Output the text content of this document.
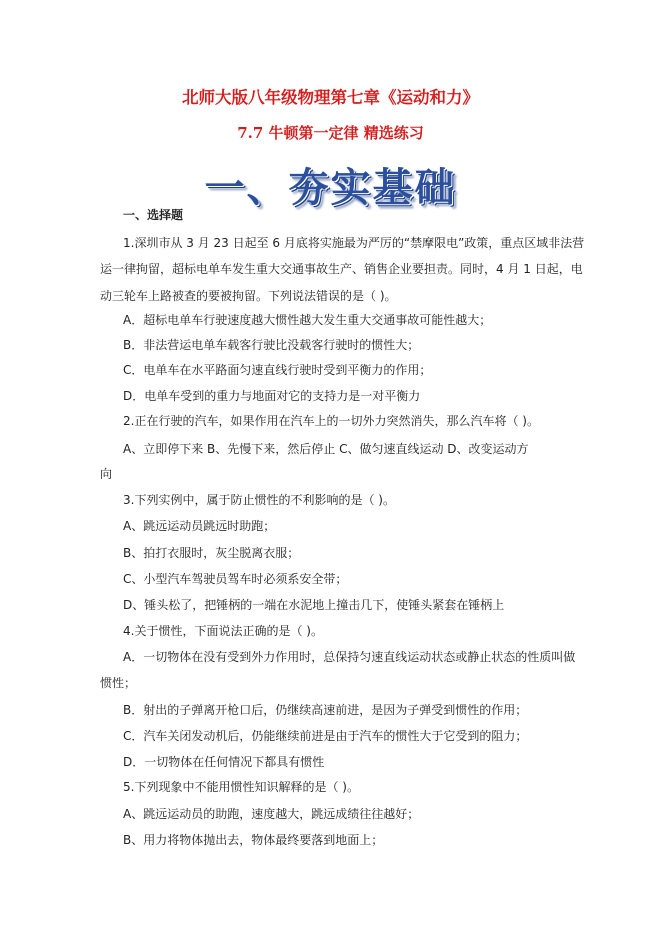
北师大版八年级物理第七章《运动和力》
7.7 牛顿第一定律 精选练习
一、夯实基础
一、选择题
1.深圳市从 3 月 23 日起至 6 月底将实施最为严厉的“禁摩限电”政策，重点区域非法营
运一律拘留，超标电单车发生重大交通事故生产、销售企业要担责。同时，4 月 1 日起，电
动三轮车上路被查的要被拘留。下列说法错误的是（ )。
A．超标电单车行驶速度越大惯性越大发生重大交通事故可能性越大；
B．非法营运电单车载客行驶比没载客行驶时的惯性大；
C．电单车在水平路面匀速直线行驶时受到平衡力的作用；
D．电单车受到的重力与地面对它的支持力是一对平衡力
2.正在行驶的汽车，如果作用在汽车上的一切外力突然消失，那么汽车将（ )。
A、立即停下来 B、先慢下来，然后停止 C、做匀速直线运动 D、改变运动方
向
3.下列实例中，属于防止惯性的不利影响的是（ )。
A、跳远运动员跳远时助跑；
B、拍打衣服时，灰尘脱离衣服；
C、小型汽车驾驶员驾车时必须系安全带；
D、锤头松了，把锤柄的一端在水泥地上撞击几下，使锤头紧套在锤柄上
4.关于惯性，下面说法正确的是（ )。
A．一切物体在没有受到外力作用时，总保持匀速直线运动状态或静止状态的性质叫做
惯性；
B．射出的子弹离开枪口后，仍继续高速前进，是因为子弹受到惯性的作用；
C．汽车关闭发动机后，仍能继续前进是由于汽车的惯性大于它受到的阻力；
D．一切物体在任何情况下都具有惯性
5.下列现象中不能用惯性知识解释的是（ )。
A、跳远运动员的助跑，速度越大，跳远成绩往往越好；
B、用力将物体抛出去，物体最终要落到地面上；
